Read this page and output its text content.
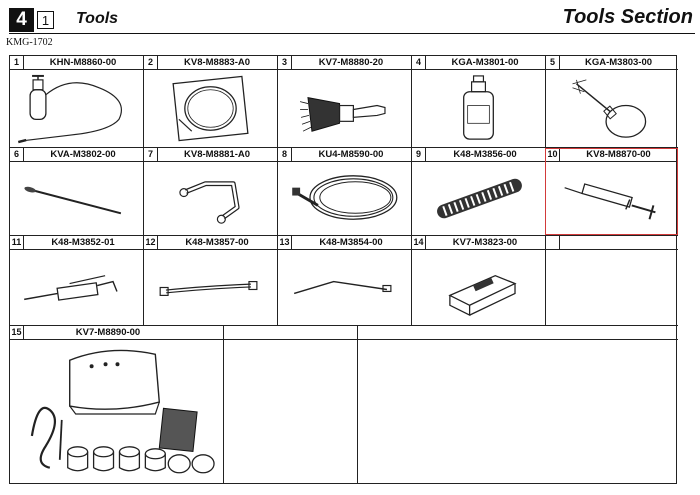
4	1	Tools	Tools Section
KMG-1702
1	KHN-M8860-00	2	KV8-M8883-A0	3	KV7-M8880-20	4	KGA-M3801-00	5	KGA-M3803-00
6	KVA-M3802-00	7	KV8-M8881-A0	8	KU4-M8590-00	9	K48-M3856-00	10	KV8-M8870-00
11	K48-M3852-01	12	K48-M3857-00	13	K48-M3854-00	14	KV7-M3823-00
15	KV7-M8890-00
